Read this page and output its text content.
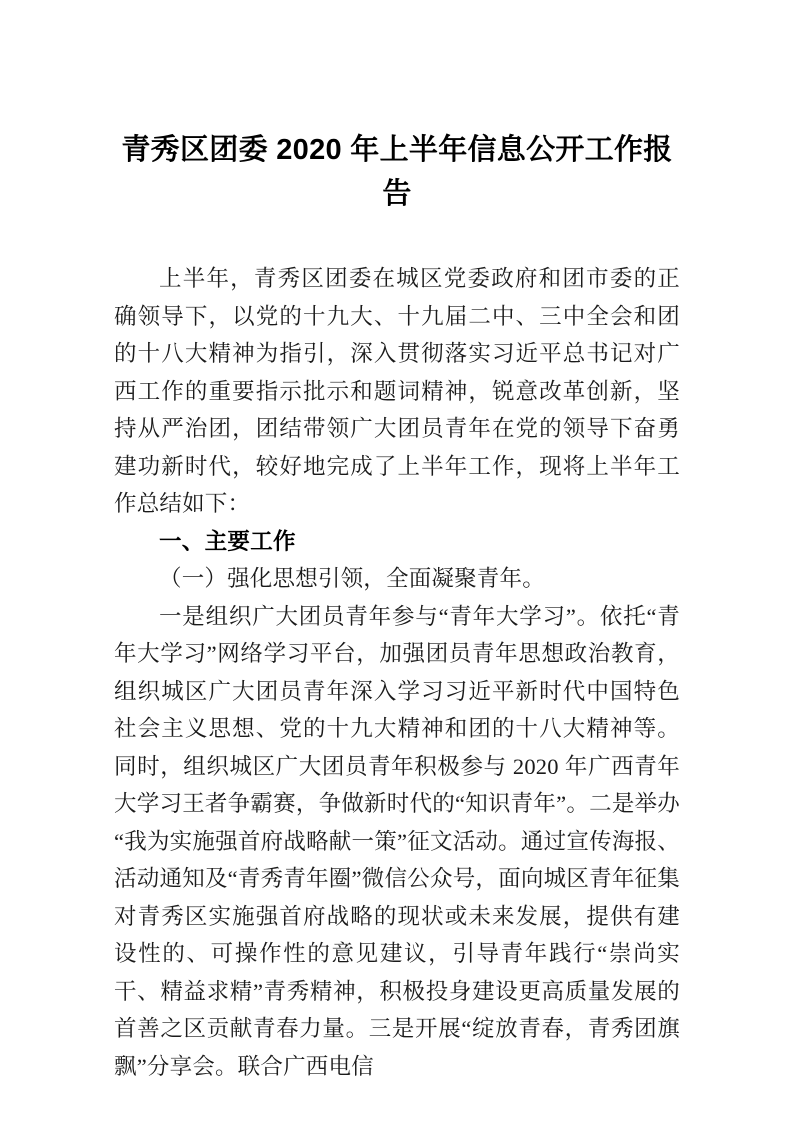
青秀区团委 2020 年上半年信息公开工作报告

上半年，青秀区团委在城区党委政府和团市委的正确领导下，以党的十九大、十九届二中、三中全会和团的十八大精神为指引，深入贯彻落实习近平总书记对广西工作的重要指示批示和题词精神，锐意改革创新，坚持从严治团，团结带领广大团员青年在党的领导下奋勇建功新时代，较好地完成了上半年工作，现将上半年工作总结如下：

一、主要工作

（一）强化思想引领，全面凝聚青年。

一是组织广大团员青年参与“青年大学习”。依托“青年大学习”网络学习平台，加强团员青年思想政治教育，组织城区广大团员青年深入学习习近平新时代中国特色社会主义思想、党的十九大精神和团的十八大精神等。同时，组织城区广大团员青年积极参与 2020 年广西青年大学习王者争霸赛，争做新时代的“知识青年”。二是举办“我为实施强首府战略献一策”征文活动。通过宣传海报、活动通知及“青秀青年圈”微信公众号，面向城区青年征集对青秀区实施强首府战略的现状或未来发展，提供有建设性的、可操作性的意见建议，引导青年践行“崇尚实干、精益求精”青秀精神，积极投身建设更高质量发展的首善之区贡献青春力量。三是开展“绽放青春，青秀团旗飘”分享会。联合广西电信
